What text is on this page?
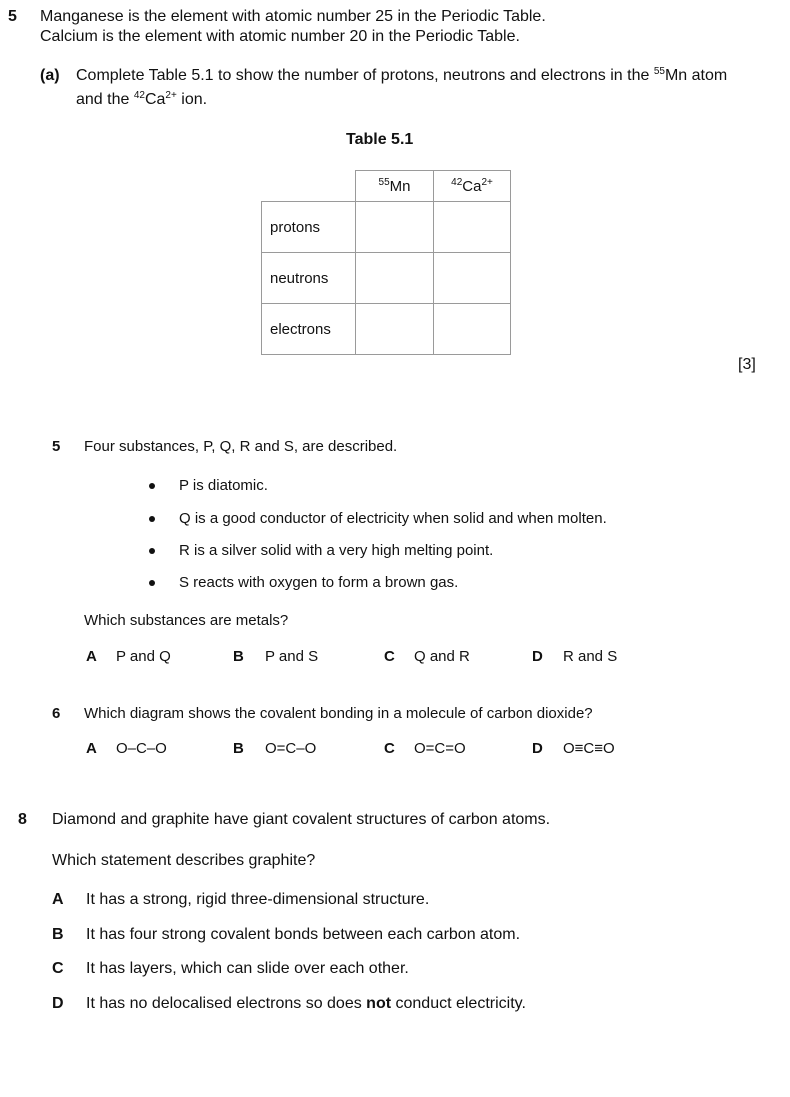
5 Manganese is the element with atomic number 25 in the Periodic Table.
Calcium is the element with atomic number 20 in the Periodic Table.
(a) Complete Table 5.1 to show the number of protons, neutrons and electrons in the $^{55}$Mn atom
and the $^{42}Ca^{2+}$ ion.
Table 5.1
	$^{55}$Mn	$^{42}Ca^{2+}$
protons		
neutrons		
electrons		
[3]
5 Four substances, P, Q, R and S, are described.
P is diatomic.
Q is a good conductor of electricity when solid and when molten.
R is a silver solid with a very high melting point.
S reacts with oxygen to form a brown gas.
Which substances are metals?
A P and Q	B P and S	C Q and R	D R and S
6 Which diagram shows the covalent bonding in a molecule of carbon dioxide?
A O–C–O	B O=C–O	C O=C=O	D O≡C≡O
8 Diamond and graphite have giant covalent structures of carbon atoms.
Which statement describes graphite?
A It has a strong, rigid three-dimensional structure.
B It has four strong covalent bonds between each carbon atom.
C It has layers, which can slide over each other.
D It has no delocalised electrons so does not conduct electricity.
